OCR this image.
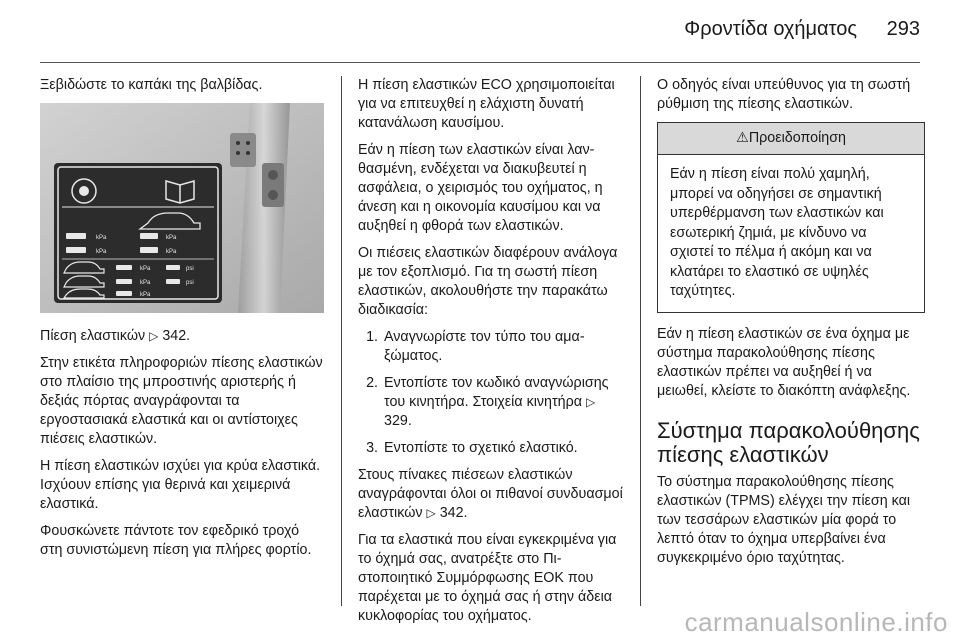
Φροντίδα οχήματος 293

Ξεβιδώστε το καπάκι της βαλβίδας.

kPa	kPa
kPa	kPa
kPa	psi
kPa	psi
kPa

Πίεση ελαστικών ▷ 342.

Στην ετικέτα πληροφοριών πίεσης ελαστικών στο πλαίσιο της μπροστινής αριστερής ή δεξιάς πόρτας αναγράφονται τα εργοστασιακά ελαστικά και οι αντίστοιχες πιέσεις ελαστικών.

Η πίεση ελαστικών ισχύει για κρύα ελαστικά. Ισχύουν επίσης για θερινά και χειμερινά ελαστικά.

Φουσκώνετε πάντοτε τον εφεδρικό τροχό στη συνιστώμενη πίεση για πλήρες φορτίο.

Η πίεση ελαστικών ECO χρησιμοποιείται για να επιτευχθεί η ελάχιστη δυνατή κατανάλωση καυσίμου.

Εάν η πίεση των ελαστικών είναι λανθασμένη, ενδέχεται να διακυβευτεί η ασφάλεια, ο χειρισμός του οχήματος, η άνεση και η οικονομία καυσίμου και να αυξηθεί η φθορά των ελαστικών.

Οι πιέσεις ελαστικών διαφέρουν ανάλογα με τον εξοπλισμό. Για τη σωστή πίεση ελαστικών, ακολουθήστε την παρακάτω διαδικασία:

1. Αναγνωρίστε τον τύπο του αμαξώματος.
2. Εντοπίστε τον κωδικό αναγνώρισης του κινητήρα. Στοιχεία κινητήρα ▷ 329.
3. Εντοπίστε το σχετικό ελαστικό.

Στους πίνακες πιέσεων ελαστικών αναγράφονται όλοι οι πιθανοί συνδυασμοί ελαστικών ▷ 342.

Για τα ελαστικά που είναι εγκεκριμένα για το όχημά σας, ανατρέξτε στο Πιστοποιητικό Συμμόρφωσης ΕΟΚ που παρέχεται με το όχημά σας ή στην άδεια κυκλοφορίας του οχήματος.

Ο οδηγός είναι υπεύθυνος για τη σωστή ρύθμιση της πίεσης ελαστικών.

⚠Προειδοποίηση
Εάν η πίεση είναι πολύ χαμηλή, μπορεί να οδηγήσει σε σημαντική υπερθέρμανση των ελαστικών και εσωτερική ζημιά, με κίνδυνο να σχιστεί το πέλμα ή ακόμη και να κλατάρει το ελαστικό σε υψηλές ταχύτητες.

Εάν η πίεση ελαστικών σε ένα όχημα με σύστημα παρακολούθησης πίεσης ελαστικών πρέπει να αυξηθεί ή να μειωθεί, κλείστε το διακόπτη ανάφλεξης.

Σύστημα παρακολούθησης πίεσης ελαστικών

Το σύστημα παρακολούθησης πίεσης ελαστικών (TPMS) ελέγχει την πίεση και των τεσσάρων ελαστικών μία φορά το λεπτό όταν το όχημα υπερβαίνει ένα συγκεκριμένο όριο ταχύτητας.

carmanualsonline.info
